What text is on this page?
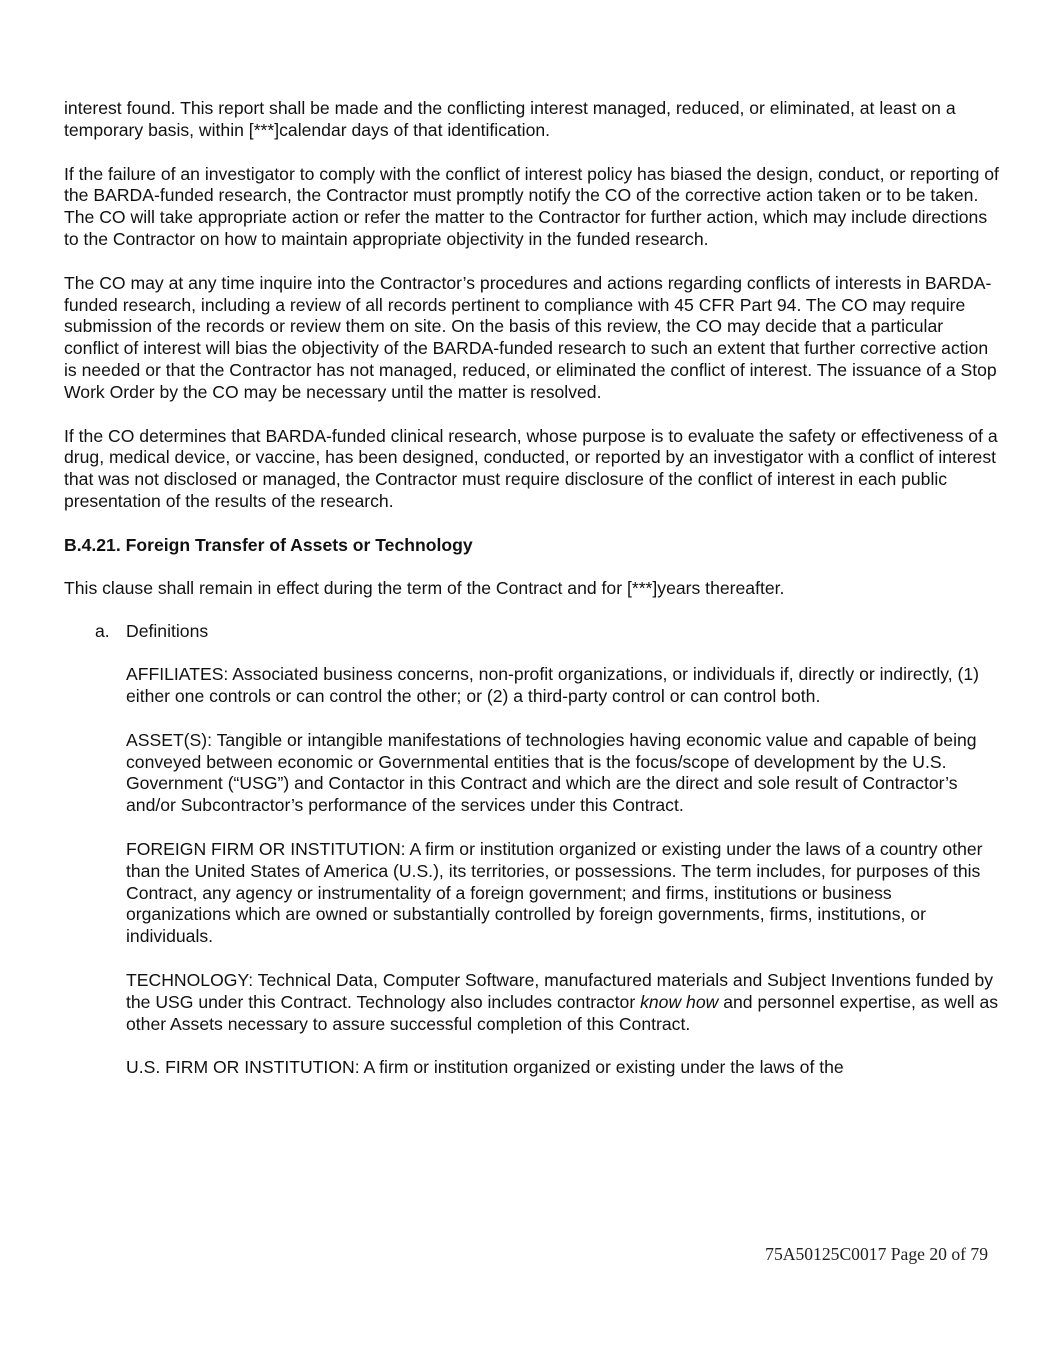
interest found. This report shall be made and the conflicting interest managed, reduced, or eliminated, at least on a temporary basis, within [***]calendar days of that identification.

If the failure of an investigator to comply with the conflict of interest policy has biased the design, conduct, or reporting of the BARDA-funded research, the Contractor must promptly notify the CO of the corrective action taken or to be taken. The CO will take appropriate action or refer the matter to the Contractor for further action, which may include directions to the Contractor on how to maintain appropriate objectivity in the funded research.

The CO may at any time inquire into the Contractor’s procedures and actions regarding conflicts of interests in BARDA-funded research, including a review of all records pertinent to compliance with 45 CFR Part 94. The CO may require submission of the records or review them on site. On the basis of this review, the CO may decide that a particular conflict of interest will bias the objectivity of the BARDA-funded research to such an extent that further corrective action is needed or that the Contractor has not managed, reduced, or eliminated the conflict of interest. The issuance of a Stop Work Order by the CO may be necessary until the matter is resolved.

If the CO determines that BARDA-funded clinical research, whose purpose is to evaluate the safety or effectiveness of a drug, medical device, or vaccine, has been designed, conducted, or reported by an investigator with a conflict of interest that was not disclosed or managed, the Contractor must require disclosure of the conflict of interest in each public presentation of the results of the research.

B.4.21. Foreign Transfer of Assets or Technology

This clause shall remain in effect during the term of the Contract and for [***]years thereafter.

a. Definitions

AFFILIATES: Associated business concerns, non-profit organizations, or individuals if, directly or indirectly, (1) either one controls or can control the other; or (2) a third-party control or can control both.

ASSET(S): Tangible or intangible manifestations of technologies having economic value and capable of being conveyed between economic or Governmental entities that is the focus/scope of development by the U.S. Government (“USG”) and Contactor in this Contract and which are the direct and sole result of Contractor’s and/or Subcontractor’s performance of the services under this Contract.

FOREIGN FIRM OR INSTITUTION: A firm or institution organized or existing under the laws of a country other than the United States of America (U.S.), its territories, or possessions. The term includes, for purposes of this Contract, any agency or instrumentality of a foreign government; and firms, institutions or business organizations which are owned or substantially controlled by foreign governments, firms, institutions, or individuals.

TECHNOLOGY: Technical Data, Computer Software, manufactured materials and Subject Inventions funded by the USG under this Contract. Technology also includes contractor know how and personnel expertise, as well as other Assets necessary to assure successful completion of this Contract.

U.S. FIRM OR INSTITUTION: A firm or institution organized or existing under the laws of the

75A50125C0017 Page 20 of 79
